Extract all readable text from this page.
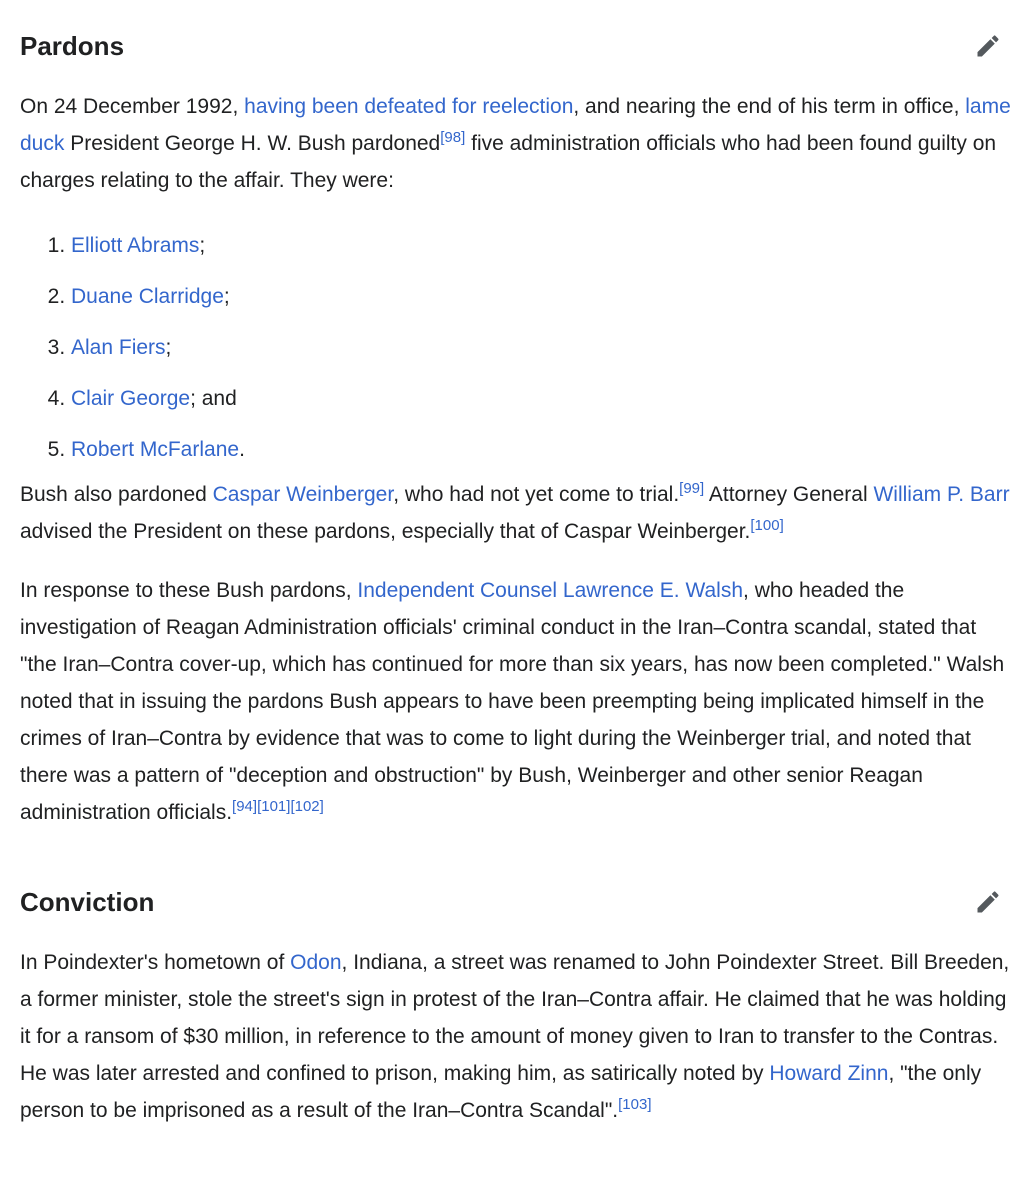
Pardons

On 24 December 1992, having been defeated for reelection, and nearing the end of his term in office, lame duck President George H. W. Bush pardoned[98] five administration officials who had been found guilty on charges relating to the affair. They were:

1. Elliott Abrams;
2. Duane Clarridge;
3. Alan Fiers;
4. Clair George; and
5. Robert McFarlane.

Bush also pardoned Caspar Weinberger, who had not yet come to trial.[99] Attorney General William P. Barr advised the President on these pardons, especially that of Caspar Weinberger.[100]

In response to these Bush pardons, Independent Counsel Lawrence E. Walsh, who headed the investigation of Reagan Administration officials' criminal conduct in the Iran–Contra scandal, stated that "the Iran–Contra cover-up, which has continued for more than six years, has now been completed." Walsh noted that in issuing the pardons Bush appears to have been preempting being implicated himself in the crimes of Iran–Contra by evidence that was to come to light during the Weinberger trial, and noted that there was a pattern of "deception and obstruction" by Bush, Weinberger and other senior Reagan administration officials.[94][101][102]

Conviction

In Poindexter's hometown of Odon, Indiana, a street was renamed to John Poindexter Street. Bill Breeden, a former minister, stole the street's sign in protest of the Iran–Contra affair. He claimed that he was holding it for a ransom of $30 million, in reference to the amount of money given to Iran to transfer to the Contras. He was later arrested and confined to prison, making him, as satirically noted by Howard Zinn, "the only person to be imprisoned as a result of the Iran–Contra Scandal".[103]
